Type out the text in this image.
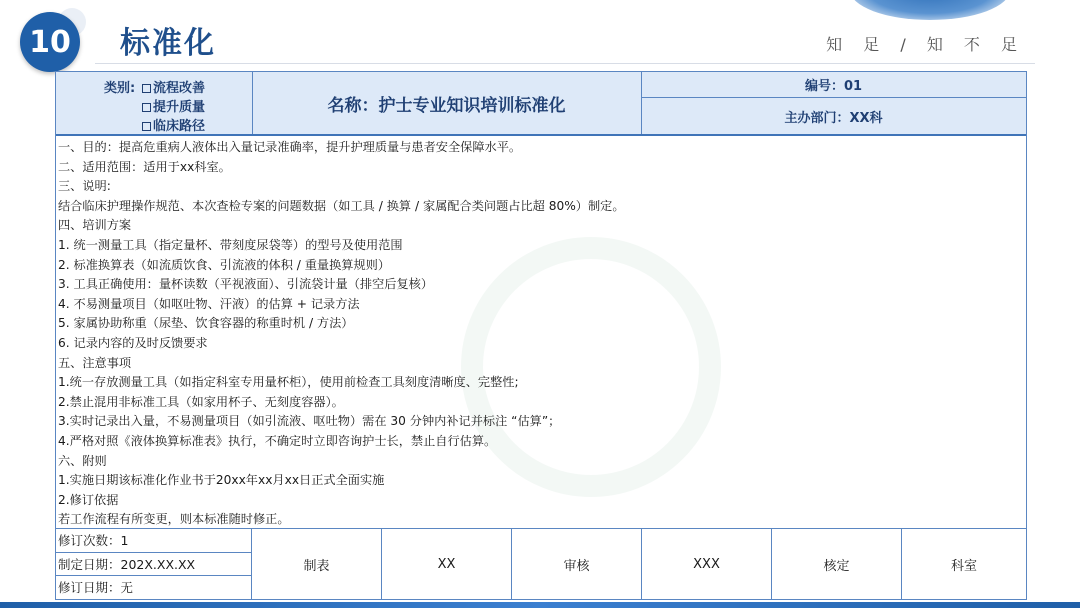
10	标准化	知 足 / 知 不 足
类别:	流程改善
提升质量
临床路径
名称：护士专业知识培训标准化
编号：01
主办部门：XX科
一、目的：提高危重病人液体出入量记录准确率，提升护理质量与患者安全保障水平。
二、适用范围：适用于xx科室。
三、说明:
结合临床护理操作规范、本次查检专案的问题数据（如工具 / 换算 / 家属配合类问题占比超 80%）制定。
四、培训方案
1. 统一测量工具（指定量杯、带刻度尿袋等）的型号及使用范围
2. 标准换算表（如流质饮食、引流液的体积 / 重量换算规则）
3. 工具正确使用：量杯读数（平视液面）、引流袋计量（排空后复核）
4. 不易测量项目（如呕吐物、汗液）的估算 + 记录方法
5. 家属协助称重（尿垫、饮食容器的称重时机 / 方法）
6. 记录内容的及时反馈要求
五、注意事项
1.统一存放测量工具（如指定科室专用量杯柜），使用前检查工具刻度清晰度、完整性;
2.禁止混用非标准工具（如家用杯子、无刻度容器）。
3.实时记录出入量，不易测量项目（如引流液、呕吐物）需在 30 分钟内补记并标注 “估算”；
4.严格对照《液体换算标准表》执行，不确定时立即咨询护士长，禁止自行估算。
六、附则
1.实施日期该标准化作业书于20xx年xx月xx日正式全面实施
2.修订依据
若工作流程有所变更，则本标准随时修正。
修订次数：1
制定日期：202X.XX.XX
修订日期：无
制表	XX	审核	XXX	核定	科室
